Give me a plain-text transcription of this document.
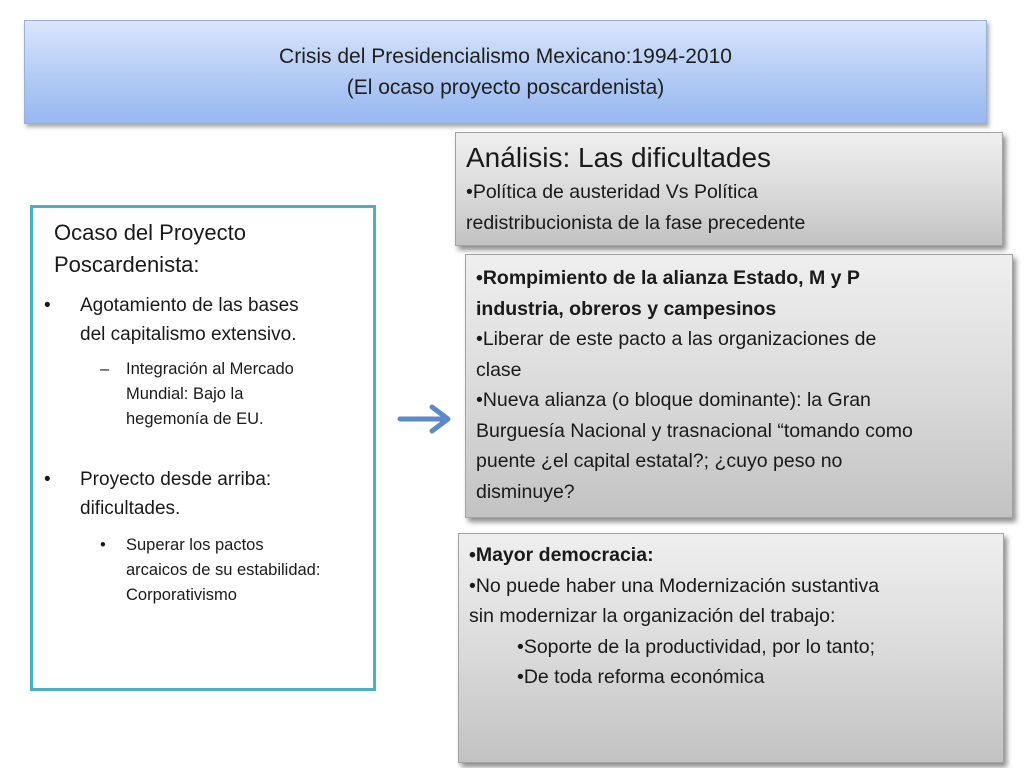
Crisis del Presidencialismo Mexicano:1994-2010
(El ocaso proyecto poscardenista)
Ocaso del Proyecto
Poscardenista:
• Agotamiento de las bases
del capitalismo extensivo.
– Integración al Mercado
Mundial: Bajo la
hegemonía de EU.
• Proyecto desde arriba:
dificultades.
• Superar los pactos
arcaicos de su estabilidad:
Corporativismo
Análisis: Las dificultades
•Política de austeridad Vs Política
redistribucionista de la fase precedente
•Rompimiento de la alianza Estado, M y P
industria, obreros y campesinos
•Liberar de este pacto a las organizaciones de
clase
•Nueva alianza (o bloque dominante): la Gran
Burguesía Nacional y trasnacional “tomando como
puente ¿el capital estatal?; ¿cuyo peso no
disminuye?
•Mayor democracia:
•No puede haber una Modernización sustantiva
sin modernizar la organización del trabajo:
•Soporte de la productividad, por lo tanto;
•De toda reforma económica
